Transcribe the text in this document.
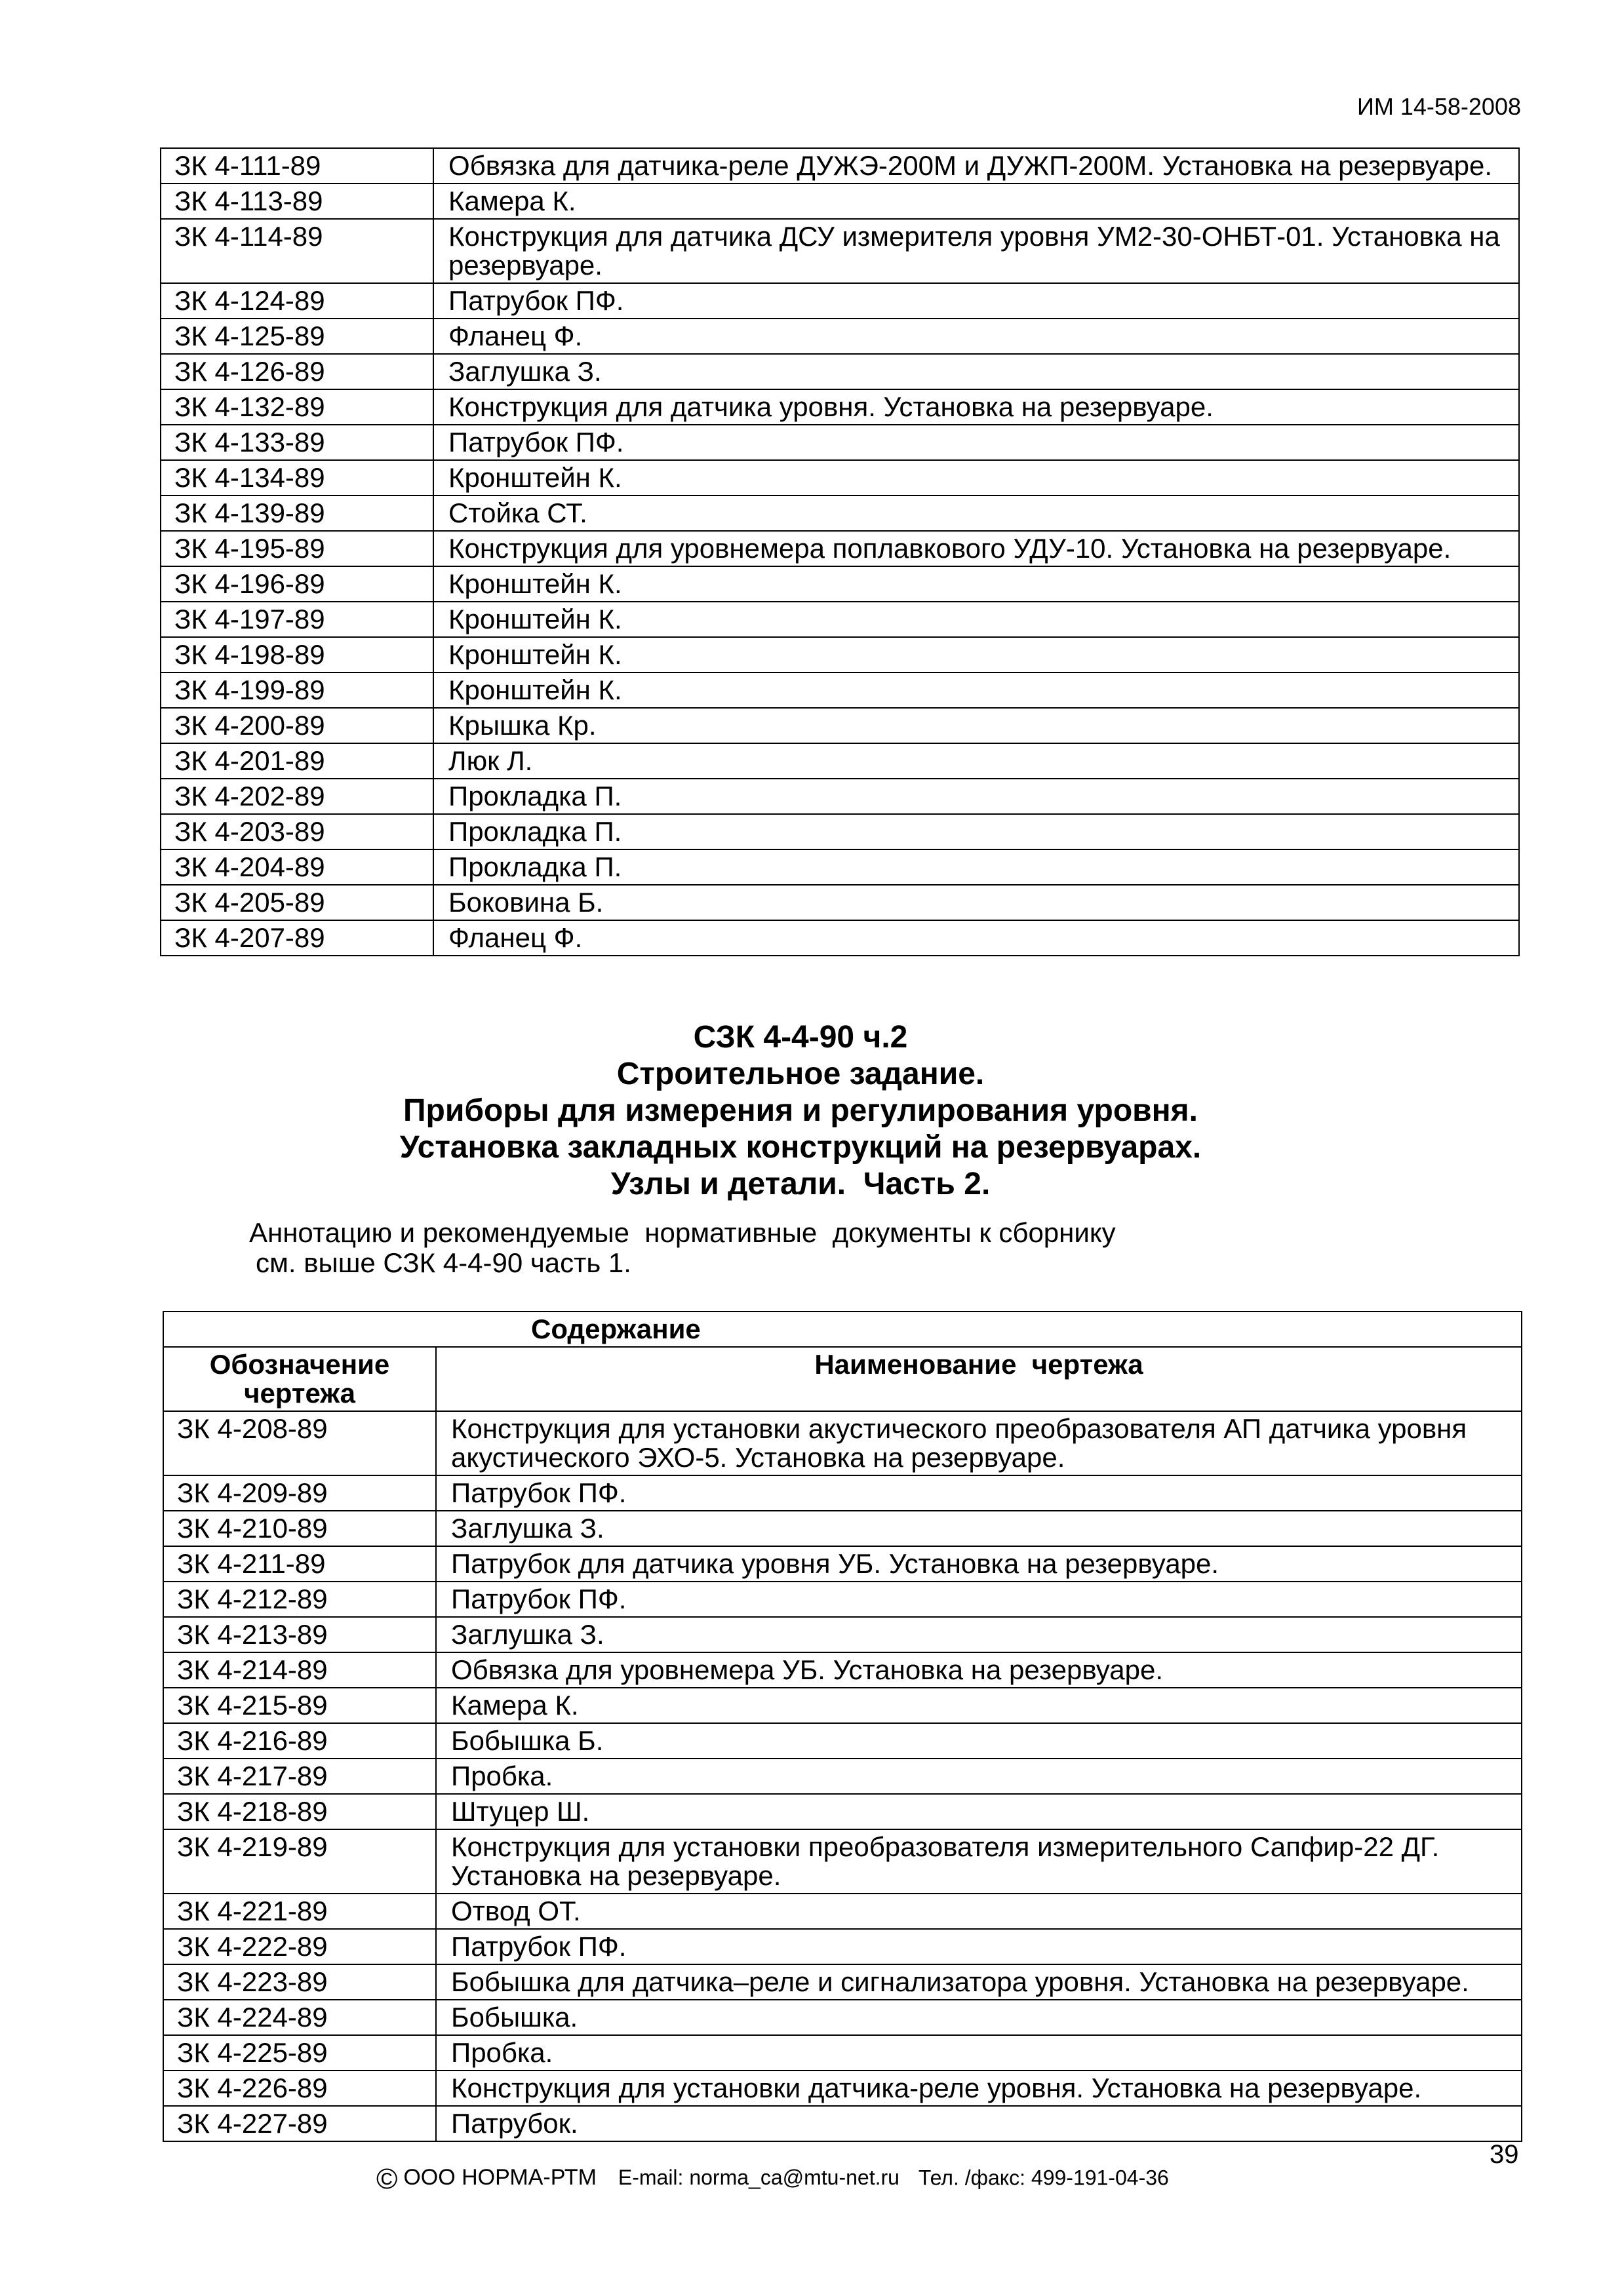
ИМ 14-58-2008
ЗК 4-111-89	Обвязка для датчика-реле ДУЖЭ-200М и ДУЖП-200М. Установка на резервуаре.
ЗК 4-113-89	Камера К.
ЗК 4-114-89	Конструкция для датчика ДСУ измерителя уровня УМ2-30-ОНБТ-01. Установка на резервуаре.
ЗК 4-124-89	Патрубок ПФ.
ЗК 4-125-89	Фланец Ф.
ЗК 4-126-89	Заглушка З.
ЗК 4-132-89	Конструкция для датчика уровня. Установка на резервуаре.
ЗК 4-133-89	Патрубок ПФ.
ЗК 4-134-89	Кронштейн К.
ЗК 4-139-89	Стойка СТ.
ЗК 4-195-89	Конструкция для уровнемера поплавкового УДУ-10. Установка на резервуаре.
ЗК 4-196-89	Кронштейн К.
ЗК 4-197-89	Кронштейн К.
ЗК 4-198-89	Кронштейн К.
ЗК 4-199-89	Кронштейн К.
ЗК 4-200-89	Крышка Кр.
ЗК 4-201-89	Люк Л.
ЗК 4-202-89	Прокладка П.
ЗК 4-203-89	Прокладка П.
ЗК 4-204-89	Прокладка П.
ЗК 4-205-89	Боковина Б.
ЗК 4-207-89	Фланец Ф.
СЗК 4-4-90 ч.2
Строительное задание.
Приборы для измерения и регулирования уровня.
Установка закладных конструкций на резервуарах.
Узлы и детали.  Часть 2.
Аннотацию и рекомендуемые  нормативные  документы к сборнику
см. выше СЗК 4-4-90 часть 1.
Содержание	
Обозначение чертежа	Наименование  чертежа
ЗК 4-208-89	Конструкция для установки акустического преобразователя АП датчика уровня акустического ЭХО-5. Установка на резервуаре.
ЗК 4-209-89	Патрубок ПФ.
ЗК 4-210-89	Заглушка З.
ЗК 4-211-89	Патрубок для датчика уровня УБ. Установка на резервуаре.
ЗК 4-212-89	Патрубок ПФ.
ЗК 4-213-89	Заглушка З.
ЗК 4-214-89	Обвязка для уровнемера УБ. Установка на резервуаре.
ЗК 4-215-89	Камера К.
ЗК 4-216-89	Бобышка Б.
ЗК 4-217-89	Пробка.
ЗК 4-218-89	Штуцер Ш.
ЗК 4-219-89	Конструкция для установки преобразователя измерительного Сапфир-22 ДГ. Установка на резервуаре.
ЗК 4-221-89	Отвод ОТ.
ЗК 4-222-89	Патрубок ПФ.
ЗК 4-223-89	Бобышка для датчика–реле и сигнализатора уровня. Установка на резервуаре.
ЗК 4-224-89	Бобышка.
ЗК 4-225-89	Пробка.
ЗК 4-226-89	Конструкция для установки датчика-реле уровня. Установка на резервуаре.
ЗК 4-227-89	Патрубок.
© ООО НОРМА-РТМ E-mail: norma_ca@mtu-net.ru Тел. /факс: 499-191-04-36
39
